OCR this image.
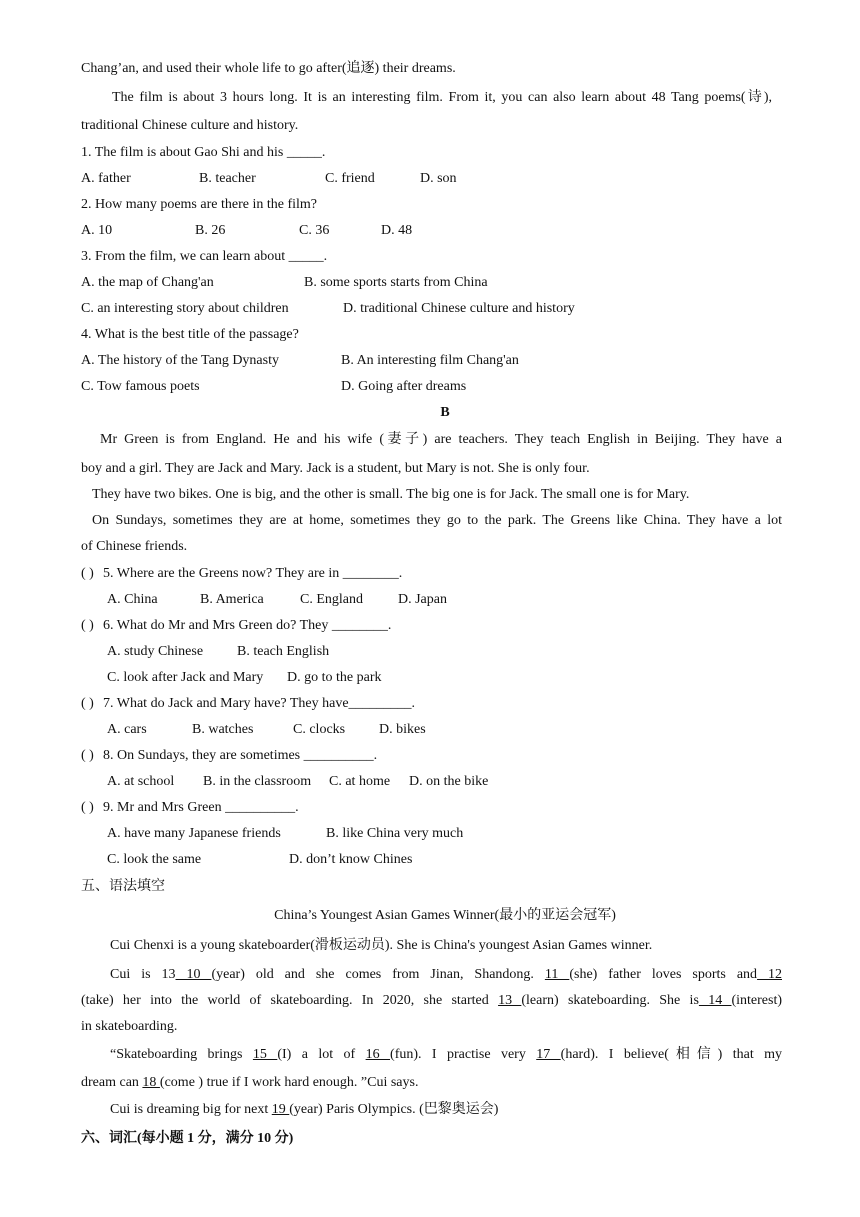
Chang’an, and used their whole life to go after(追逐) their dreams.
The film is about 3 hours long. It is an interesting film. From it, you can also learn about 48 Tang poems(诗),
traditional Chinese culture and history.
1. The film is about Gao Shi and his _____.
A. father	B. teacher	C. friend	D. son
2. How many poems are there in the film?
A. 10	B. 26	C. 36	D. 48
3. From the film, we can learn about _____.
A. the map of Chang'an	B. some sports starts from China
C. an interesting story about children	D. traditional Chinese culture and history
4. What is the best title of the passage?
A. The history of the Tang Dynasty	B. An interesting film Chang'an
C. Tow famous poets	D. Going after dreams
B
Mr Green is from England. He and his wife (妻子) are teachers. They teach English in Beijing. They have a
boy and a girl. They are Jack and Mary. Jack is a student, but Mary is not. She is only four.
They have two bikes. One is big, and the other is small. The big one is for Jack. The small one is for Mary.
On Sundays, sometimes they are at home, sometimes they go to the park. The Greens like China. They have a lot
of Chinese friends.
( ) 5. Where are the Greens now? They are in ________.
A. China	B. America	C. England	D. Japan
( ) 6. What do Mr and Mrs Green do? They ________.
A. study Chinese B. teach English
C. look after Jack and Mary D. go to the park
( ) 7. What do Jack and Mary have? They have_________.
A. cars	B. watches	C. clocks D. bikes
( ) 8. On Sundays, they are sometimes __________.
A. at school B. in the classroom C. at home D. on the bike
( ) 9. Mr and Mrs Green __________.
A. have many Japanese friends	B. like China very much
C. look the same	D. don’t know Chines
五、语法填空
China’s Youngest Asian Games Winner(最小的亚运会冠军)
Cui Chenxi is a young skateboarder(滑板运动员). She is China's youngest Asian Games winner.
Cui is 13 10 (year) old and she comes from Jinan, Shandong. 11 (she) father loves sports and 12
(take) her into the world of skateboarding. In 2020, she started 13 (learn) skateboarding. She is 14 (interest)
in skateboarding.
“Skateboarding brings 15 (I) a lot of 16 (fun). I practise very 17 (hard). I believe(相信) that my
dream can 18 (come ) true if I work hard enough. ”Cui says.
Cui is dreaming big for next 19 (year) Paris Olympics. (巴黎奥运会)
六、词汇(每小题 1 分，满分 10 分)
